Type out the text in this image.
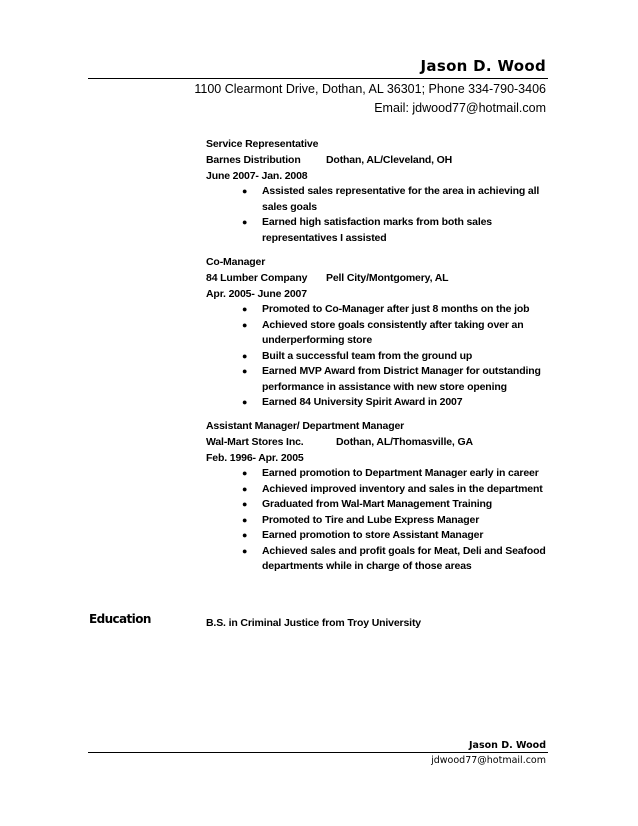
Jason D. Wood
1100 Clearmont Drive, Dothan, AL 36301; Phone 334-790-3406
Email: jdwood77@hotmail.com
Service Representative
Barnes Distribution Dothan, AL/Cleveland, OH
June 2007- Jan. 2008
● Assisted sales representative for the area in achieving all sales goals
● Earned high satisfaction marks from both sales representatives I assisted
Co-Manager
84 Lumber Company Pell City/Montgomery, AL
Apr. 2005- June 2007
● Promoted to Co-Manager after just 8 months on the job
● Achieved store goals consistently after taking over an underperforming store
● Built a successful team from the ground up
● Earned MVP Award from District Manager for outstanding performance in assistance with new store opening
● Earned 84 University Spirit Award in 2007
Assistant Manager/ Department Manager
Wal-Mart Stores Inc.	Dothan, AL/Thomasville, GA
Feb. 1996- Apr. 2005
● Earned promotion to Department Manager early in career
● Achieved improved inventory and sales in the department
● Graduated from Wal-Mart Management Training
● Promoted to Tire and Lube Express Manager
● Earned promotion to store Assistant Manager
● Achieved sales and profit goals for Meat, Deli and Seafood departments while in charge of those areas
Education	B.S. in Criminal Justice from Troy University
Jason D. Wood
jdwood77@hotmail.com
